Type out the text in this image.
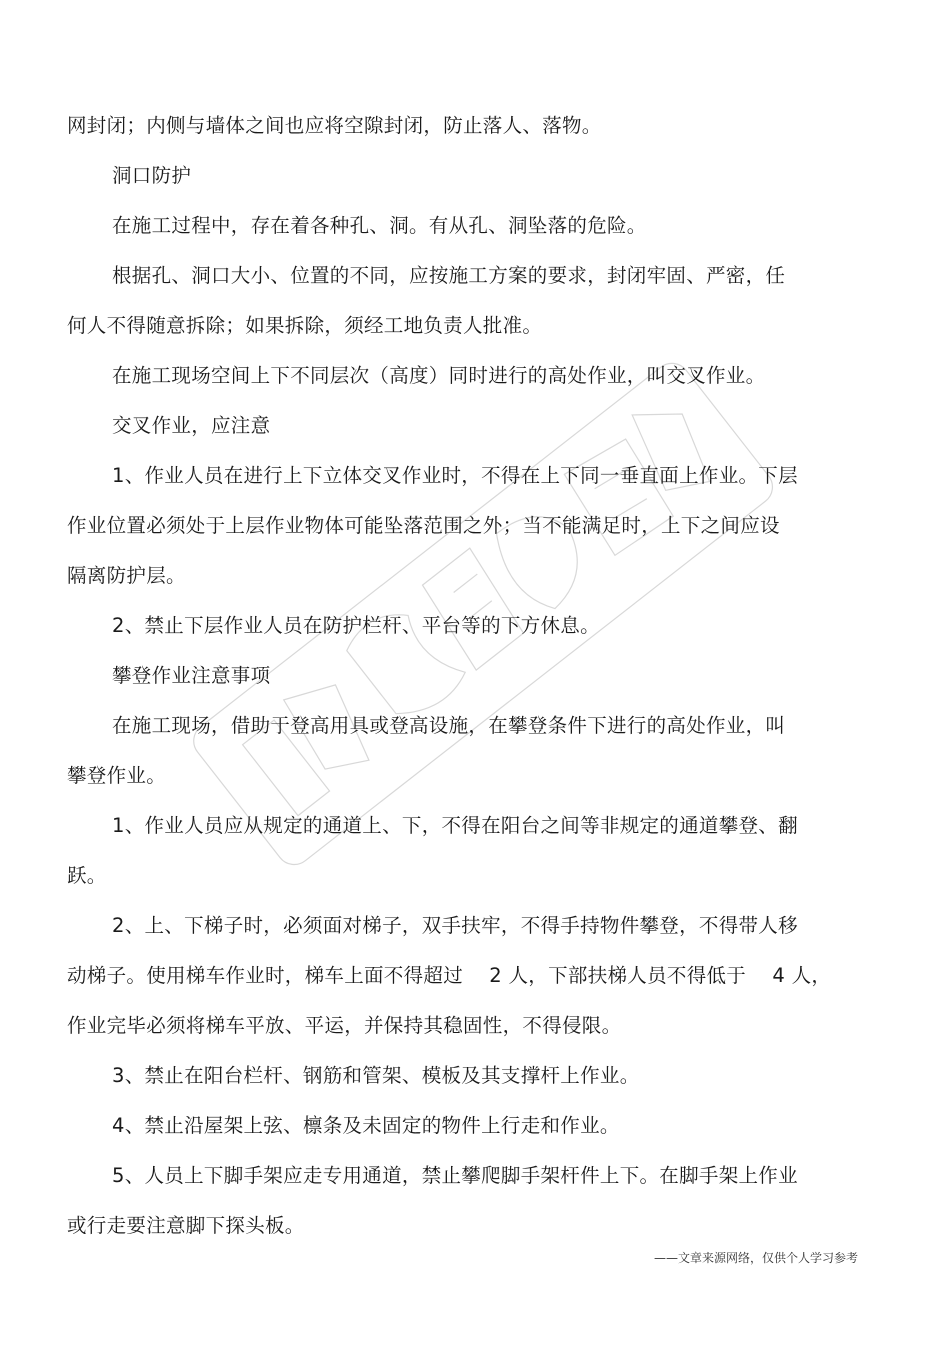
网封闭；内侧与墙体之间也应将空隙封闭，防止落人、落物。
洞口防护
在施工过程中，存在着各种孔、洞。有从孔、洞坠落的危险。
根据孔、洞口大小、位置的不同，应按施工方案的要求，封闭牢固、严密，任
何人不得随意拆除；如果拆除，须经工地负责人批准。
在施工现场空间上下不同层次（高度）同时进行的高处作业，叫交叉作业。
交叉作业，应注意
1、作业人员在进行上下立体交叉作业时，不得在上下同一垂直面上作业。下层
作业位置必须处于上层作业物体可能坠落范围之外；当不能满足时，上下之间应设
隔离防护层。
2、禁止下层作业人员在防护栏杆、平台等的下方休息。
攀登作业注意事项
在施工现场，借助于登高用具或登高设施，在攀登条件下进行的高处作业，叫
攀登作业。
1、作业人员应从规定的通道上、下，不得在阳台之间等非规定的通道攀登、翻
跃。
2、上、下梯子时，必须面对梯子，双手扶牢，不得手持物件攀登，不得带人移
动梯子。使用梯车作业时，梯车上面不得超过　 2 人，下部扶梯人员不得低于　 4 人，
作业完毕必须将梯车平放、平运，并保持其稳固性，不得侵限。
3、禁止在阳台栏杆、钢筋和管架、模板及其支撑杆上作业。
4、禁止沿屋架上弦、檩条及未固定的物件上行走和作业。
5、人员上下脚手架应走专用通道，禁止攀爬脚手架杆件上下。在脚手架上作业
或行走要注意脚下探头板。
——文章来源网络，仅供个人学习参考
